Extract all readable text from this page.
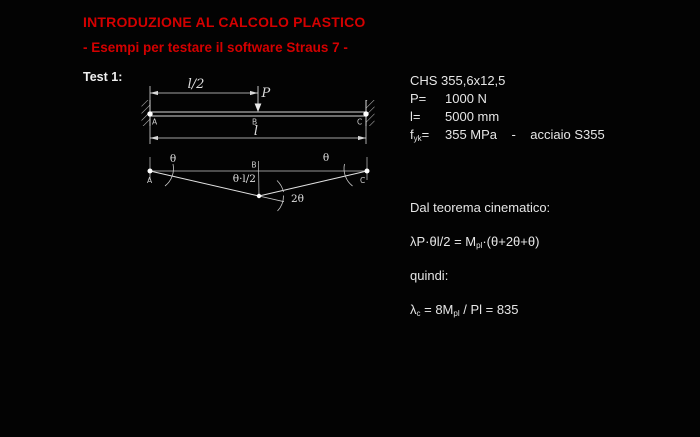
INTRODUZIONE AL CALCOLO PLASTICO
- Esempi per testare il software Straus 7 -
Test 1:	l/2
P
l
A	B	C
A
B
C
θ	θ
θ·l/2
2θ
CHS 355,6x12,5
P=	1000 N
l=	5000 mm
$f_{yk}=$	355 MPa    -    acciaio S355
Dal teorema cinematico:
$\lambda P\cdot\theta l/2 = M_{pl}\cdot(\theta+2\theta+\theta)$
quindi:
$\lambda_c = 8M_{pl} / Pl = 835$
